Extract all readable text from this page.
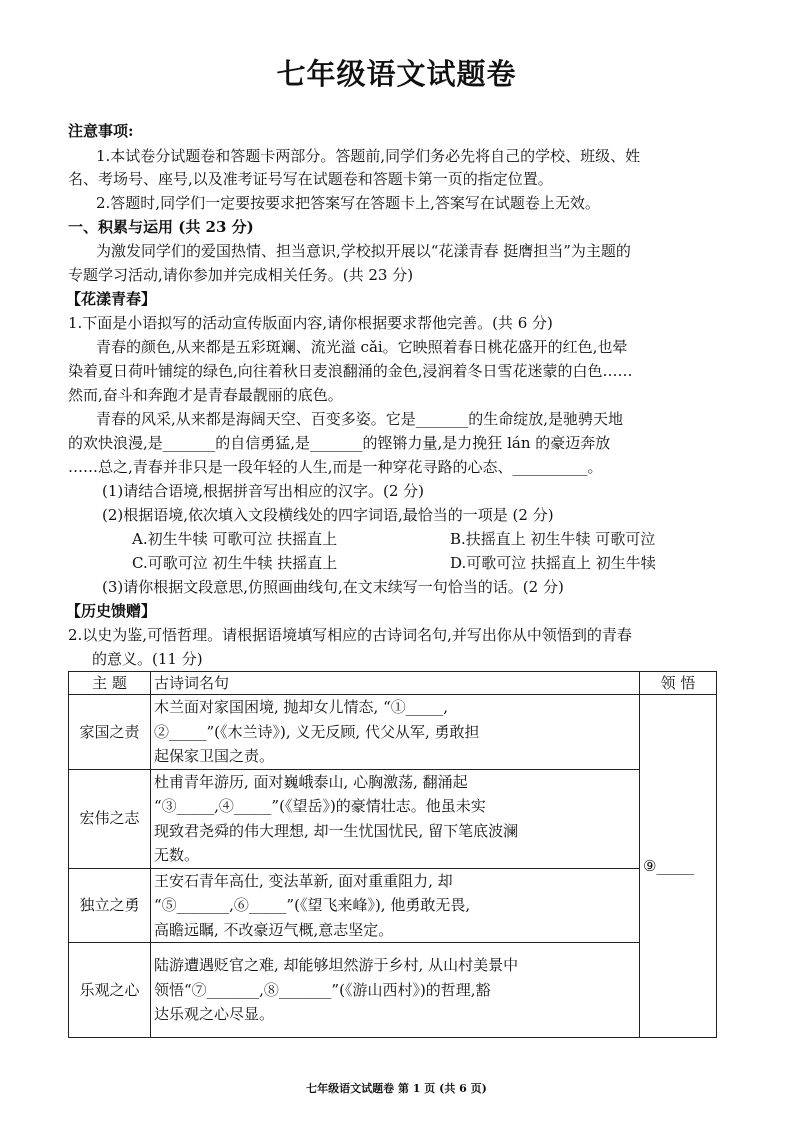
七年级语文试题卷
注意事项:
1.本试卷分试题卷和答题卡两部分。答题前,同学们务必先将自己的学校、班级、姓
名、考场号、座号,以及准考证号写在试题卷和答题卡第一页的指定位置。
2.答题时,同学们一定要按要求把答案写在答题卡上,答案写在试题卷上无效。
一、积累与运用 (共 23 分)
为激发同学们的爱国热情、担当意识,学校拟开展以“花漾青春 挺膺担当”为主题的
专题学习活动,请你参加并完成相关任务。(共 23 分)
【花漾青春】
1.下面是小语拟写的活动宣传版面内容,请你根据要求帮他完善。(共 6 分)
青春的颜色,从来都是五彩斑斓、流光溢 cǎi。它映照着春日桃花盛开的红色,也晕
染着夏日荷叶铺绽的绿色,向往着秋日麦浪翻涌的金色,浸润着冬日雪花迷蒙的白色……
然而,奋斗和奔跑才是青春最靓丽的底色。
青春的风采,从来都是海阔天空、百变多姿。它是_______的生命绽放,是驰骋天地
的欢快浪漫,是_______的自信勇猛,是_______的铿锵力量,是力挽狂 lán 的豪迈奔放
……总之,青春并非只是一段年轻的人生,而是一种穿花寻路的心态、__________。
(1)请结合语境,根据拼音写出相应的汉字。(2 分)
(2)根据语境,依次填入文段横线处的四字词语,最恰当的一项是 (2 分)
A.初生牛犊 可歌可泣 扶摇直上	B.扶摇直上 初生牛犊 可歌可泣
C.可歌可泣 初生牛犊 扶摇直上	D.可歌可泣 扶摇直上 初生牛犊
(3)请你根据文段意思,仿照画曲线句,在文末续写一句恰当的话。(2 分)
【历史馈赠】
2.以史为鉴,可悟哲理。请根据语境填写相应的古诗词名句,并写出你从中领悟到的青春
的意义。(11 分)
主 题	古诗词名句	领 悟
家国之责	木兰面对家国困境, 抛却女儿情态, “①_____,
②_____”(《木兰诗》), 义无反顾, 代父从军, 勇敢担
起保家卫国之责。	⑨_____
宏伟之志	杜甫青年游历, 面对巍峨泰山, 心胸激荡, 翻涌起
“③_____,④_____”(《望岳》)的豪情壮志。他虽未实
现致君尧舜的伟大理想, 却一生忧国忧民, 留下笔底波澜
无数。	

独立之勇	王安石青年高仕, 变法革新, 面对重重阻力, 却
“⑤_______,⑥_____”(《望飞来峰》), 他勇敢无畏,
高瞻远瞩, 不改豪迈气概,意志坚定。	

乐观之心	陆游遭遇贬官之难, 却能够坦然游于乡村, 从山村美景中
领悟“⑦_______,⑧_______”(《游山西村》)的哲理,豁
达乐观之心尽显。	
七年级语文试题卷 第 1 页 (共 6 页)
